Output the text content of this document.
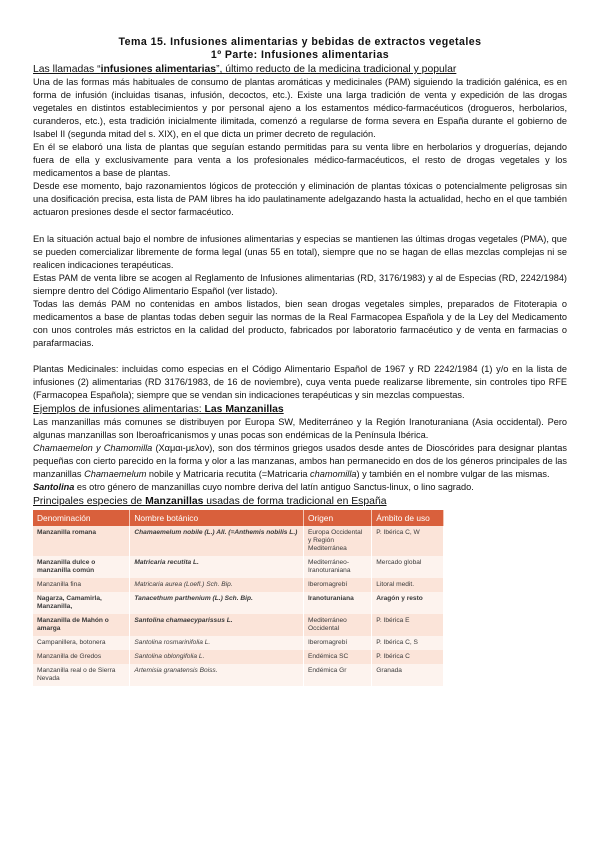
Tema 15. Infusiones alimentarias y bebidas de extractos vegetales
1º Parte: Infusiones alimentarias
Las llamadas “infusiones alimentarias”, último reducto de la medicina tradicional y popular

Una de las formas más habituales de consumo de plantas aromáticas y medicinales (PAM) siguiendo la tradición galénica, es en forma de infusión (incluidas tisanas, infusión, decoctos, etc.). Existe una larga tradición de venta y expedición de las drogas vegetales en distintos establecimientos y por personal ajeno a los estamentos médico-farmacéuticos (drogueros, herbolarios, curanderos, etc.), esta tradición inicialmente ilimitada, comenzó a regularse de forma severa en España durante el gobierno de Isabel II (segunda mitad del s. XIX), en el que dicta un primer decreto de regulación.

En él se elaboró una lista de plantas que seguían estando permitidas para su venta libre en herbolarios y droguerías, dejando fuera de ella y exclusivamente para venta a los profesionales médico-farmacéuticos, el resto de drogas vegetales y los medicamentos a base de plantas.

Desde ese momento, bajo razonamientos lógicos de protección y eliminación de plantas tóxicas o potencialmente peligrosas sin una dosificación precisa, esta lista de PAM libres ha ido paulatinamente adelgazando hasta la actualidad, hecho en el que también actuaron presiones desde el sector farmacéutico.

En la situación actual bajo el nombre de infusiones alimentarias y especias se mantienen las últimas drogas vegetales (PMA), que se pueden comercializar libremente de forma legal (unas 55 en total), siempre que no se hagan de ellas mezclas complejas ni se realicen indicaciones terapéuticas.

Estas PAM de venta libre se acogen al Reglamento de Infusiones alimentarias (RD, 3176/1983) y al de Especias (RD, 2242/1984) siempre dentro del Código Alimentario Español (ver listado).

Todas las demás PAM no contenidas en ambos listados, bien sean drogas vegetales simples, preparados de Fitoterapia o medicamentos a base de plantas todas deben seguir las normas de la Real Farmacopea Española y de la Ley del Medicamento con unos controles más estrictos en la calidad del producto, fabricados por laboratorio farmacéutico y de venta en farmacias o parafarmacias.

Plantas Medicinales: incluidas como especias en el Código Alimentario Español de 1967 y RD 2242/1984 (1) y/o en la lista de infusiones (2) alimentarias (RD 3176/1983, de 16 de noviembre), cuya venta puede realizarse libremente, sin controles tipo RFE (Farmacopea Española); siempre que se vendan sin indicaciones terapéuticas y sin mezclas compuestas.

Ejemplos de infusiones alimentarias: Las Manzanillas

Las manzanillas más comunes se distribuyen por Europa SW, Mediterráneo y la Región Iranoturaniana (Asia occidental). Pero algunas manzanillas son Iberoafricanismos y unas pocas son endémicas de la Península Ibérica.

Chamaemelon y Chamomilla (Χαμαι-μελον), son dos términos griegos usados desde antes de Dioscórides para designar plantas pequeñas con cierto parecido en la forma y olor a las manzanas, ambos han permanecido en dos de los géneros principales de las manzanillas Chamaemelum nobile y Matricaria recutita (=Matricaria chamomilla) y también en el nombre vulgar de las mismas.

Santolina es otro género de manzanillas cuyo nombre deriva del latín antiguo Sanctus-linux, o lino sagrado.

Principales especies de Manzanillas usadas de forma tradicional en España
Denominación	Nombre botánico	Origen	Ámbito de uso
Manzanilla romana	Chamaemelum nobile (L.) All. (=Anthemis nobilis L.)	Europa Occidental y Región Mediterránea	P. Ibérica C, W
Manzanilla dulce o manzanilla común	Matricaria recutita L.	Mediterráneo-Iranoturaniana	Mercado global
Manzanilla fina	Matricaria aurea (Loefl.) Sch. Bip.	Iberomagrebí	Litoral medit.
Nagarza, Camamirla, Manzanilla,	Tanacethum parthenium (L.) Sch. Bip.	Iranoturaniana	Aragón y resto
Manzanilla de Mahón o amarga	Santolina chamaecyparissus L.	Mediterráneo Occidental	P. Ibérica E
Campanillera, botonera	Santolina rosmarinifolia L.	Iberomagrebí	P. Ibérica C, S
Manzanilla de Gredos	Santolina oblongifolia L.	Endémica SC	P. Ibérica C
Manzanilla real o de Sierra Nevada	Artemisia granatensis Boiss.	Endémica Gr	Granada
